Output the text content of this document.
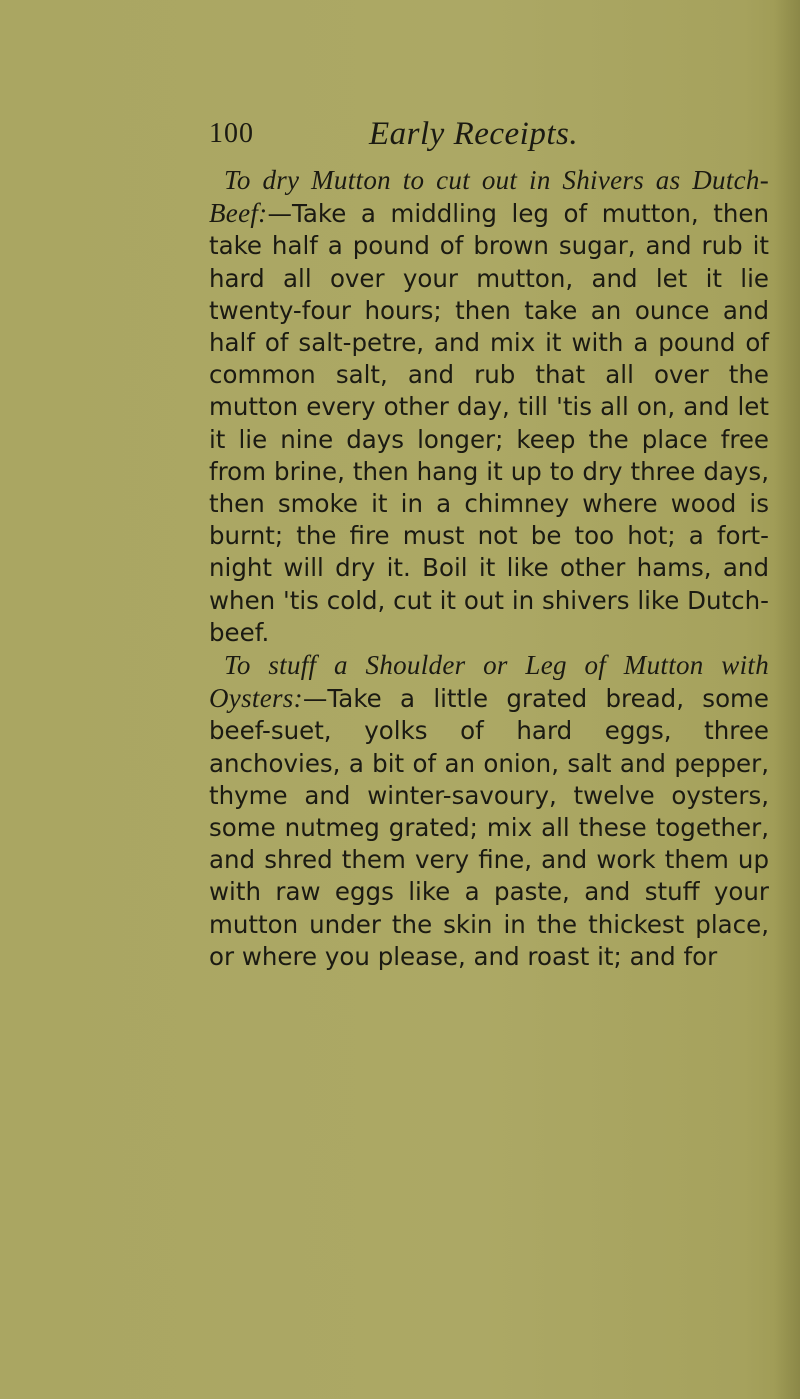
100	Early Receipts.

To dry Mutton to cut out in Shivers as Dutch-Beef:—Take a middling leg of mutton, then take half a pound of brown sugar, and rub it hard all over your mutton, and let it lie twenty-four hours; then take an ounce and half of salt-petre, and mix it with a pound of common salt, and rub that all over the mutton every other day, till 'tis all on, and let it lie nine days longer; keep the place free from brine, then hang it up to dry three days, then smoke it in a chimney where wood is burnt; the fire must not be too hot; a fort-night will dry it. Boil it like other hams, and when 'tis cold, cut it out in shivers like Dutch-beef.

To stuff a Shoulder or Leg of Mutton with Oysters:—Take a little grated bread, some beef-suet, yolks of hard eggs, three anchovies, a bit of an onion, salt and pepper, thyme and winter-savoury, twelve oysters, some nutmeg grated; mix all these together, and shred them very fine, and work them up with raw eggs like a paste, and stuff your mutton under the skin in the thickest place, or where you please, and roast it; and for
